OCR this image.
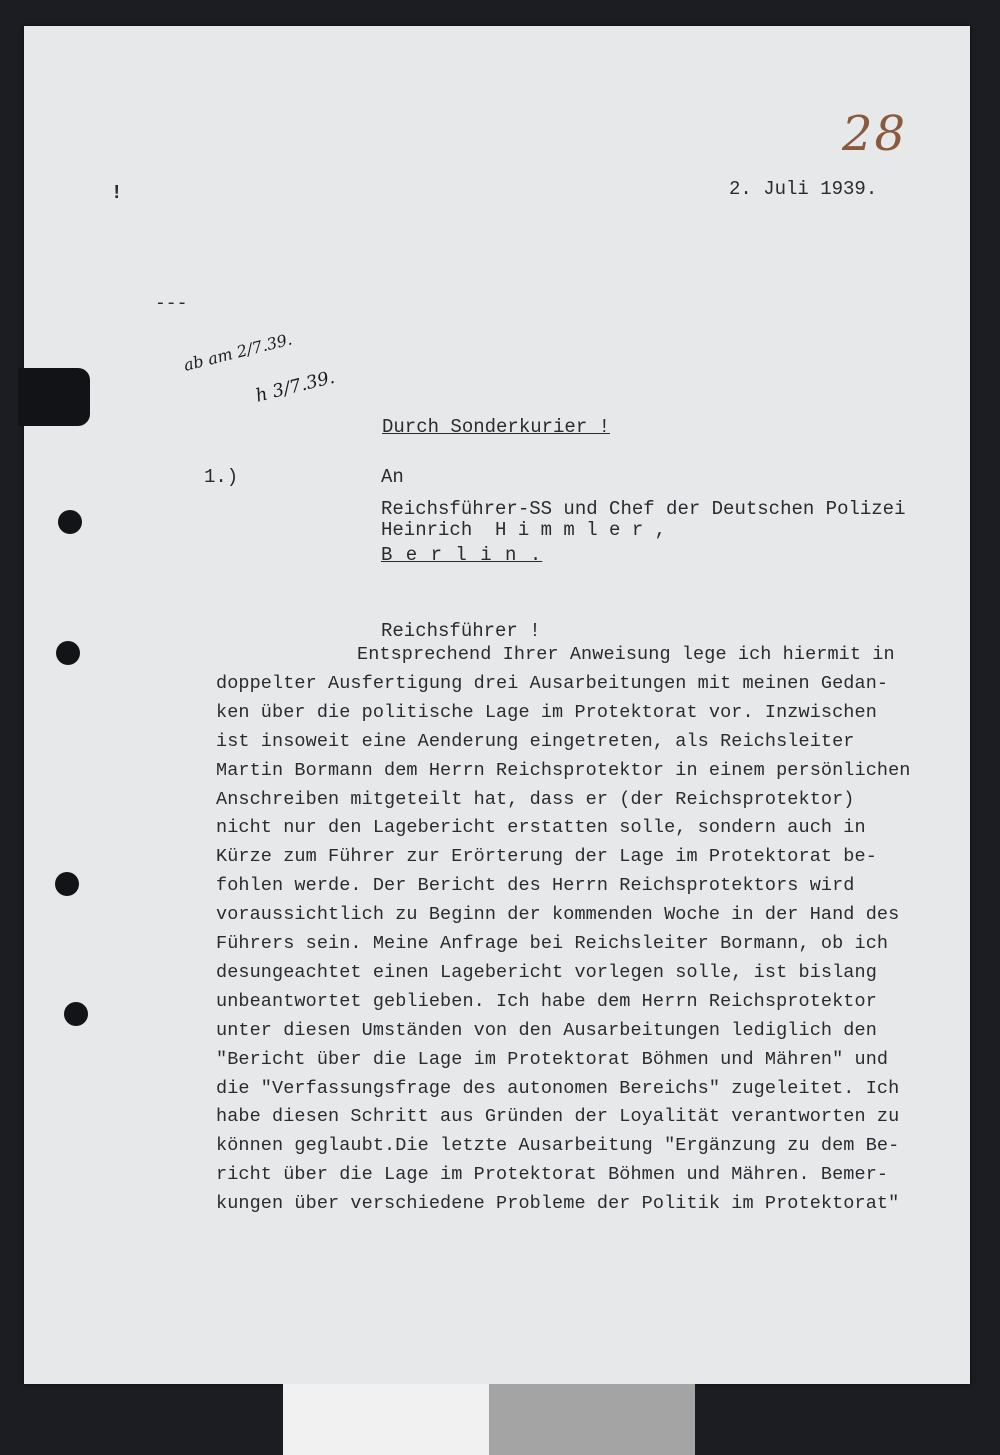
28
!	2. Juli 1939.
---
ab am 2/7.39.
h 3/7.39.
Durch Sonderkurier !
1.)	An
Reichsführer-SS und Chef der Deutschen Polizei
Heinrich  H i m m l e r ,
B e r l i n .
Reichsführer !
Entsprechend Ihrer Anweisung lege ich hiermit in
doppelter Ausfertigung drei Ausarbeitungen mit meinen Gedan-
ken über die politische Lage im Protektorat vor. Inzwischen
ist insoweit eine Aenderung eingetreten, als Reichsleiter
Martin Bormann dem Herrn Reichsprotektor in einem persönlichen
Anschreiben mitgeteilt hat, dass er (der Reichsprotektor)
nicht nur den Lagebericht erstatten solle, sondern auch in
Kürze zum Führer zur Erörterung der Lage im Protektorat be-
fohlen werde. Der Bericht des Herrn Reichsprotektors wird
voraussichtlich zu Beginn der kommenden Woche in der Hand des
Führers sein. Meine Anfrage bei Reichsleiter Bormann, ob ich
desungeachtet einen Lagebericht vorlegen solle, ist bislang
unbeantwortet geblieben. Ich habe dem Herrn Reichsprotektor
unter diesen Umständen von den Ausarbeitungen lediglich den
"Bericht über die Lage im Protektorat Böhmen und Mähren" und
die "Verfassungsfrage des autonomen Bereichs" zugeleitet. Ich
habe diesen Schritt aus Gründen der Loyalität verantworten zu
können geglaubt.Die letzte Ausarbeitung "Ergänzung zu dem Be-
richt über die Lage im Protektorat Böhmen und Mähren. Bemer-
kungen über verschiedene Probleme der Politik im Protektorat"
